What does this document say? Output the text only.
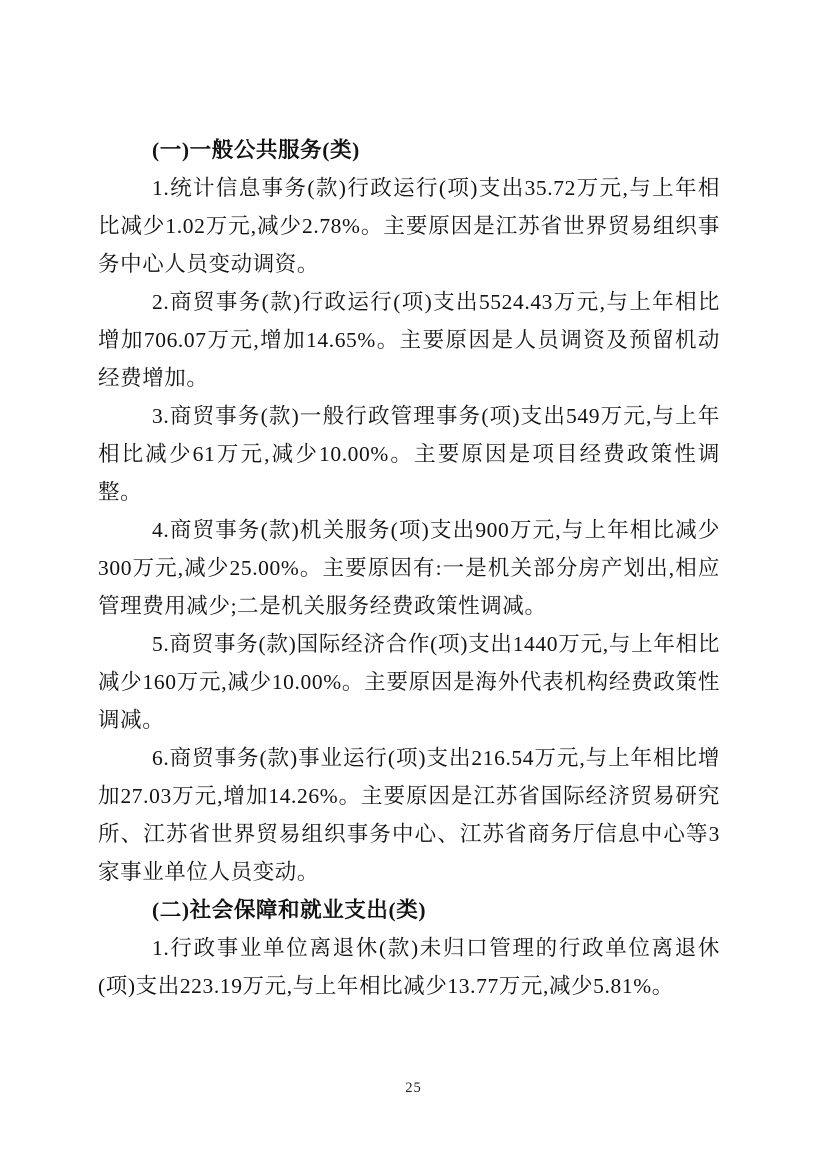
(一)一般公共服务(类)

1.统计信息事务(款)行政运行(项)支出35.72万元,与上年相比减少1.02万元,减少2.78%。主要原因是江苏省世界贸易组织事务中心人员变动调资。

2.商贸事务(款)行政运行(项)支出5524.43万元,与上年相比增加706.07万元,增加14.65%。主要原因是人员调资及预留机动经费增加。

3.商贸事务(款)一般行政管理事务(项)支出549万元,与上年相比减少61万元,减少10.00%。主要原因是项目经费政策性调整。

4.商贸事务(款)机关服务(项)支出900万元,与上年相比减少300万元,减少25.00%。主要原因有:一是机关部分房产划出,相应管理费用减少;二是机关服务经费政策性调减。

5.商贸事务(款)国际经济合作(项)支出1440万元,与上年相比减少160万元,减少10.00%。主要原因是海外代表机构经费政策性调减。

6.商贸事务(款)事业运行(项)支出216.54万元,与上年相比增加27.03万元,增加14.26%。主要原因是江苏省国际经济贸易研究所、江苏省世界贸易组织事务中心、江苏省商务厅信息中心等3家事业单位人员变动。

(二)社会保障和就业支出(类)

1.行政事业单位离退休(款)未归口管理的行政单位离退休(项)支出223.19万元,与上年相比减少13.77万元,减少5.81%。

25
